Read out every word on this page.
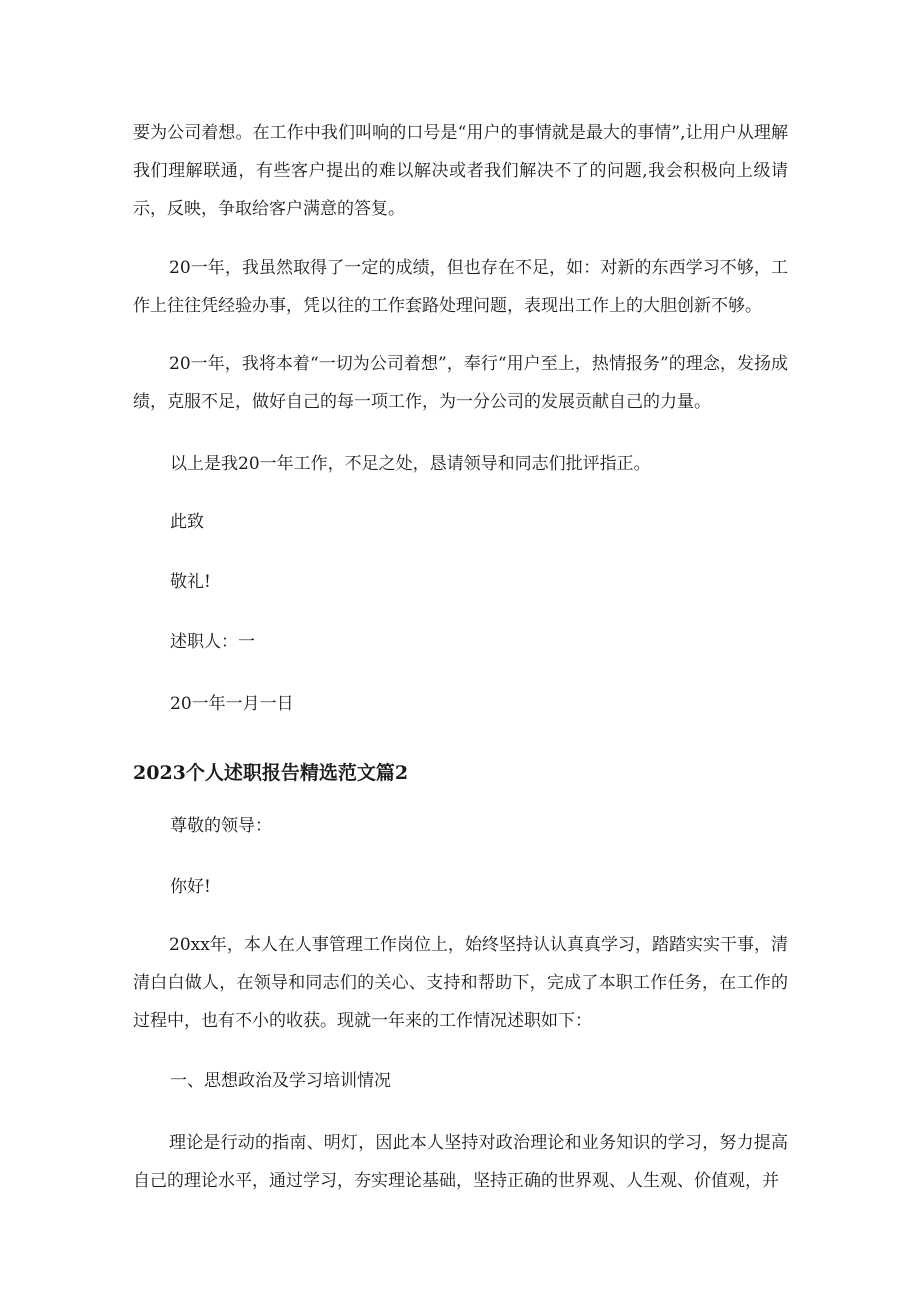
要为公司着想。在工作中我们叫响的口号是“用户的事情就是最大的事情”,让用户从理解我们理解联通，有些客户提出的难以解决或者我们解决不了的问题,我会积极向上级请示，反映，争取给客户满意的答复。

20一年，我虽然取得了一定的成绩，但也存在不足，如：对新的东西学习不够，工作上往往凭经验办事，凭以往的工作套路处理问题，表现出工作上的大胆创新不够。

20一年，我将本着“一切为公司着想”，奉行“用户至上，热情报务”的理念，发扬成绩，克服不足，做好自己的每一项工作，为一分公司的发展贡献自己的力量。

以上是我20一年工作，不足之处，恳请领导和同志们批评指正。

此致

敬礼!

述职人：一

20一年一月一日

2023个人述职报告精选范文篇2

尊敬的领导：

你好!

20xx年，本人在人事管理工作岗位上，始终坚持认认真真学习，踏踏实实干事，清清白白做人，在领导和同志们的关心、支持和帮助下，完成了本职工作任务，在工作的过程中，也有不小的收获。现就一年来的工作情况述职如下：

一、思想政治及学习培训情况

理论是行动的指南、明灯，因此本人坚持对政治理论和业务知识的学习，努力提高自己的理论水平，通过学习，夯实理论基础，坚持正确的世界观、人生观、价值观，并
